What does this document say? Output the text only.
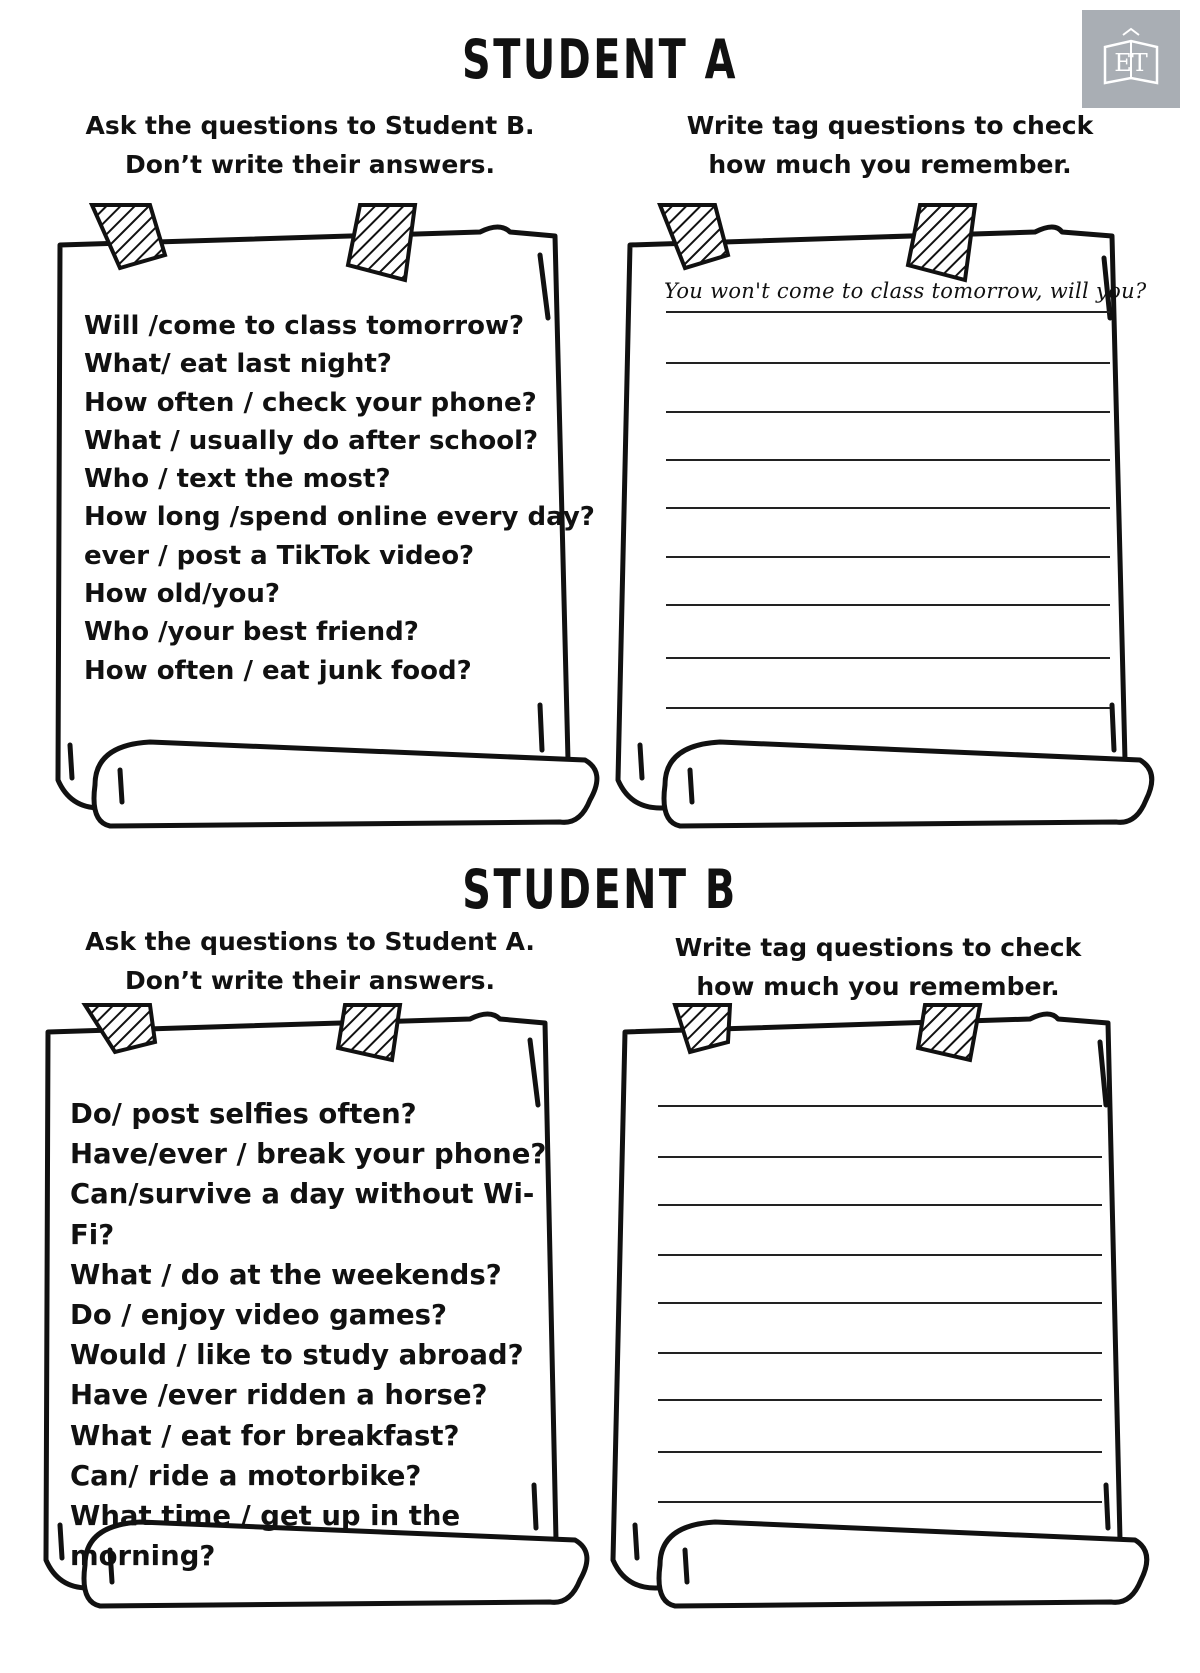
STUDENT A
STUDENT B
ET
Ask the questions to Student B.
Don’t write their answers.
Write tag questions to check
how much you remember.
Ask the questions to Student A.
Don’t write their answers.
Write tag questions to check
how much you remember.
You won't come to class tomorrow, will you?
Will /come to class tomorrow?
What/ eat last night?
How often / check your phone?
What / usually do after school?
Who / text the most?
How long /spend online every day?
ever / post a TikTok video?
How old/you?
Who /your best friend?
How often / eat junk food?
Do/ post selfies often?
Have/ever / break your phone?
Can/survive a day without Wi-Fi?
What / do at the weekends?
Do / enjoy video games?
Would / like to study abroad?
Have /ever ridden a horse?
What / eat for breakfast?
Can/ ride a motorbike?
What time / get up in the morning?
